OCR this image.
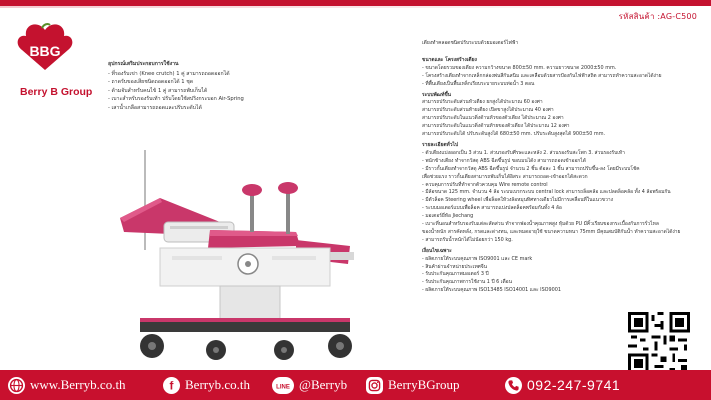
รหัสสินค้า :AG-C500
BBG
Berry B Group
อุปกรณ์เสริมประกอบการใช้งาน
- ที่รองรับเข่า (Knee crutch) 1 คู่ สามารถถอดออกได้
- ถาดรับของเสียชนิดถอดออกได้ 1 ชุด
- ด้ามจับสำหรับคนไข้ 1 คู่ สามารถพับเก็บได้
- เบาะสำหรับรองรับเท้า ปรับโดยใช้สปริงกระบอก Air-Spring
- เสาน้ำเกลือสามารถถอดและปรับระดับได้
เตียงทำคลอดชนิดปรับระบบด้วยมอเตอร์ไฟฟ้า
ขนาดและ โครงสร้างเตียง
- ขนาดโดยรวมของเตียง ความกว้างขนาด 800±50 mm. ความยาวขนาด 2000±50 mm.
- โครงสร้างเตียงทำจากเหล็กกล่องพ่นสีกันสนิม และเคลือบด้วยสารป้องกันไฟฟ้าสถิต สามารถทำความสะอาดได้ง่าย
- ที่พื้นเตียงเป็นพื้นเหล็กเรียบระบายระบบท่อน้ำ 3 ตอน
ระบบพัฒท์ขึ้น
สามารถปรับระดับส่วนหัวเตียง ยกสูงได้ประมาณ 60 องศา
สามารถปรับระดับส่วนท้ายเตียง เปิดขาสูงได้ประมาณ 40 องศา
สามารถปรับระดับในแนวดิ่งด้านหัวของตัวเตียง ได้ประมาณ 2 องศา
สามารถปรับระดับในแนวดิ่งด้านท้ายของตัวเตียง ได้ประมาณ 12 องศา
สามารถปรับระดับได้ ปรับระดับสูงได้ 680±50 mm. ปรับระดับสูงสุดได้ 900±50 mm.
รายละเอียดทั่วไป
- ตัวเตียงแบ่งออกเป็น 3 ส่วน 1. ส่วนรองรับศีรษะและหลัง 2. ส่วนรองรับสะโพก 3. ส่วนรองรับเท้า
- พนักข้างเตียง ทำจากวัสดุ ABS ฉีดขึ้นรูป ขอบมนได้ง สามารถถอดเข้าออกได้
- มีราวกั้นเตียงทำจากวัสดุ ABS ฉีดขึ้นรูป จำนวน 2 ชิ้น ต้อละ 1 ชิ้น สามารถปรับขึ้น-ลง โดยมีระบบโช้ค
เพื่อช่วยแรง ราวกั้นเตียงสามารถพับเก็บได้อิสระ สามารถถอด-เข้าออกได้สะดวก
- ควบคุมการปรับที่ทำจากตัวควบคุม Wire remote control
- มีล้อขนาด 125 mm. จำนวน 4 ล้อ ระบบเบรกระบบ central lock สามารถล็อคล้อ และปลดล็อคล้อ ทั้ง 4 ล้อพร้อมกัน
- มีตัวล็อค Steering wheel เพื่อล็อคให้วงล้อหมุนทิศทางเดียวไม่มีการเคลื่อนที่ในแนวขวาง
- ระบบมอเตอร์แบบเพื่อล็อค สามารถแบ่งปลดล็อคพร้อมกันทั้ง 4 ล้อ
- มอเตอร์ยี่ห้อ Jiechang
- เบาะที่นอนสำหรับรองรับแต่ละสัดส่วน ทำจากฟองน้ำคุณภาพสูง หุ้มด้วย PU มีคิ้วเรียบของกระเบื้องกันการรั่วไหล
ของน้ำหนัก สารคัดหลั่ง, กรดและด่างทน, และหมดอายุใช้ ขนาดความหนา 75mm มีคุณสมบัติกันน้ำ ทำความสะอาดได้ง่าย
- สามารถรับน้ำหนักได้ไม่น้อยกว่า 150 kg.
เงื่อนไขเฉพาะ
- ผลิตภายใต้ระบบคุณภาพ ISO9001 และ CE mark
- สินค้าผ่านจำหน่ายประเทศจีน
- รับประกันคุณภาพมอเตอร์ 3 ปี
- รับประกันคุณภาพการใช้งาน 1 ปี 6 เดือน
- ผลิตภายใต้ระบบคุณภาพ ISO13485 ISO14001 และ ISO9001
www.Berryb.co.th	f Berryb.co.th	LINE @Berryb	BerryBGroup	092-247-9741
